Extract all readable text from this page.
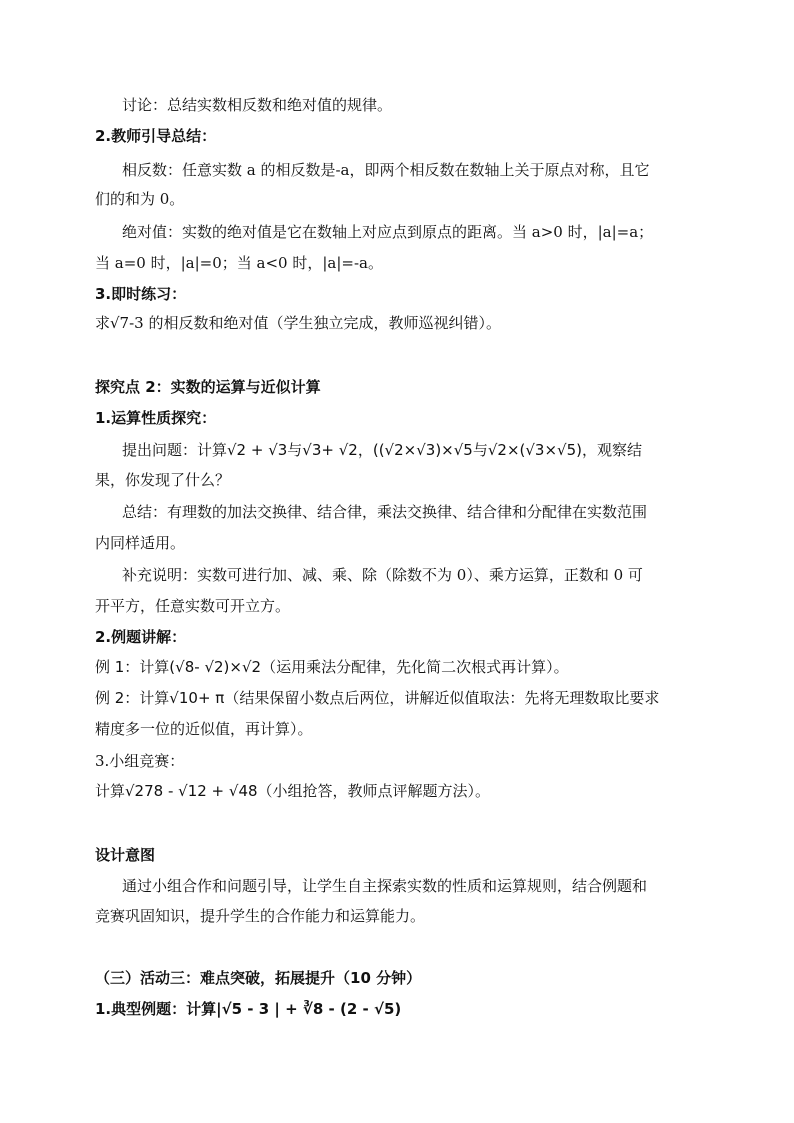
讨论：总结实数相反数和绝对值的规律。
2.教师引导总结：
相反数：任意实数 a 的相反数是-a，即两个相反数在数轴上关于原点对称，且它
们的和为 0。
绝对值：实数的绝对值是它在数轴上对应点到原点的距离。当 a>0 时，|a|=a；
当 a=0 时，|a|=0；当 a<0 时，|a|=-a。
3.即时练习：
求√7-3 的相反数和绝对值（学生独立完成，教师巡视纠错）。
探究点 2：实数的运算与近似计算
1.运算性质探究：
提出问题：计算√2 + √3与√3+ √2，((√2×√3)×√5与√2×(√3×√5)，观察结
果，你发现了什么？
总结：有理数的加法交换律、结合律，乘法交换律、结合律和分配律在实数范围
内同样适用。
补充说明：实数可进行加、减、乘、除（除数不为 0）、乘方运算，正数和 0 可
开平方，任意实数可开立方。
2.例题讲解：
例 1：计算(√8- √2)×√2（运用乘法分配律，先化简二次根式再计算）。
例 2：计算√10+ π（结果保留小数点后两位，讲解近似值取法：先将无理数取比要求
精度多一位的近似值，再计算）。
3.小组竞赛：
计算√278 - √12 + √48（小组抢答，教师点评解题方法）。
设计意图
通过小组合作和问题引导，让学生自主探索实数的性质和运算规则，结合例题和
竞赛巩固知识，提升学生的合作能力和运算能力。
（三）活动三：难点突破，拓展提升（10 分钟）
1.典型例题：计算|√5 - 3 | + ∛8 - (2 - √5)
